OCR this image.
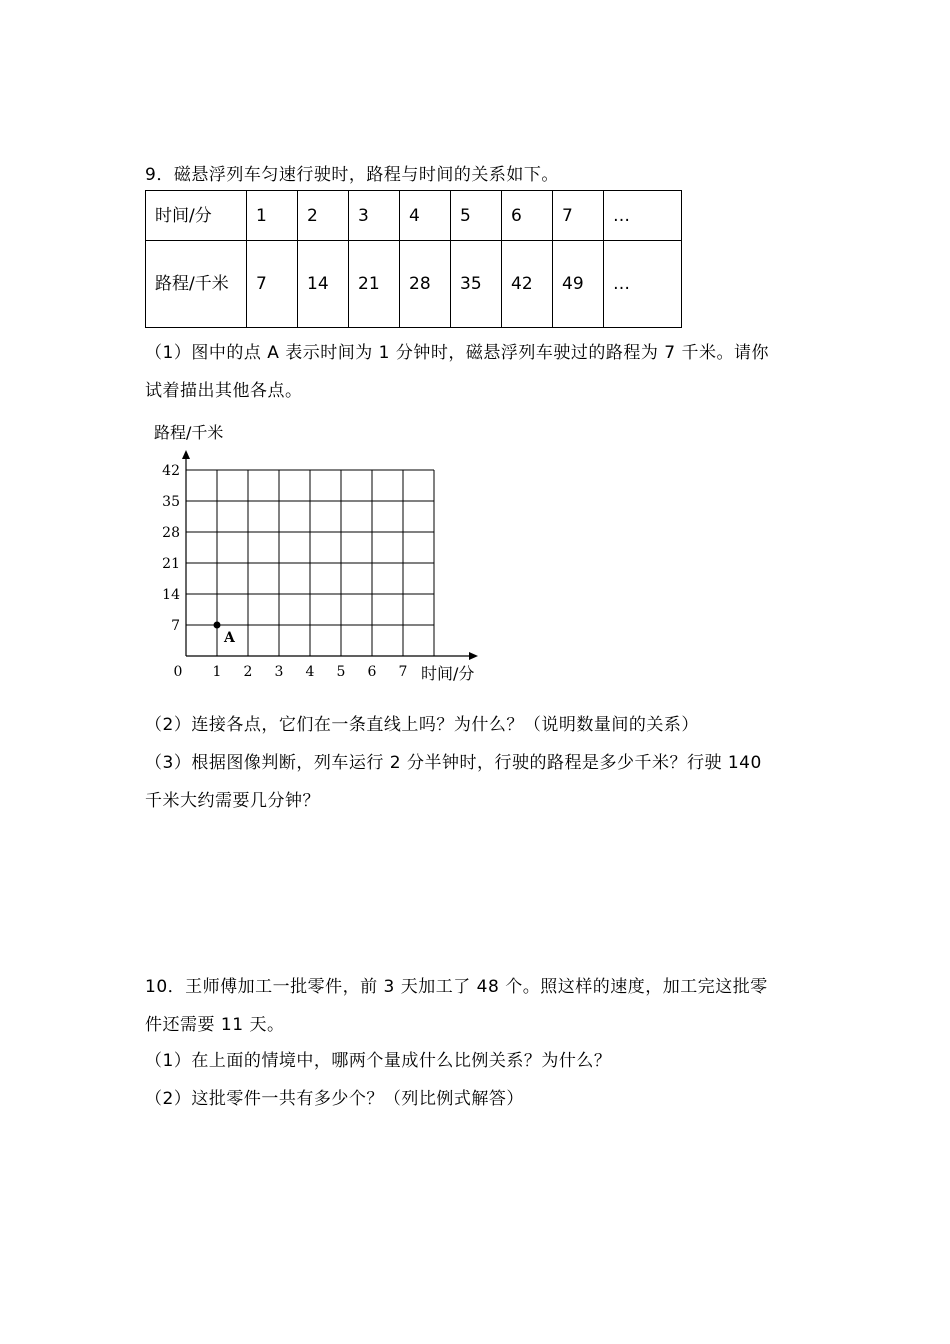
9．磁悬浮列车匀速行驶时，路程与时间的关系如下。
时间/分	1	2	3	4	5	6	7	…
路程/千米	7	14	21	28	35	42	49	…
（1）图中的点 A 表示时间为 1 分钟时，磁悬浮列车驶过的路程为 7 千米。请你
试着描出其他各点。
1 2 3 4 5 6 7
7
14
21
28
35
42
A
路程/千米
时间/分
0
（2）连接各点，它们在一条直线上吗？为什么？（说明数量间的关系）
（3）根据图像判断，列车运行 2 分半钟时，行驶的路程是多少千米？行驶 140
千米大约需要几分钟？
10．王师傅加工一批零件，前 3 天加工了 48 个。照这样的速度，加工完这批零
件还需要 11 天。
（1）在上面的情境中，哪两个量成什么比例关系？为什么？
（2）这批零件一共有多少个？（列比例式解答）
